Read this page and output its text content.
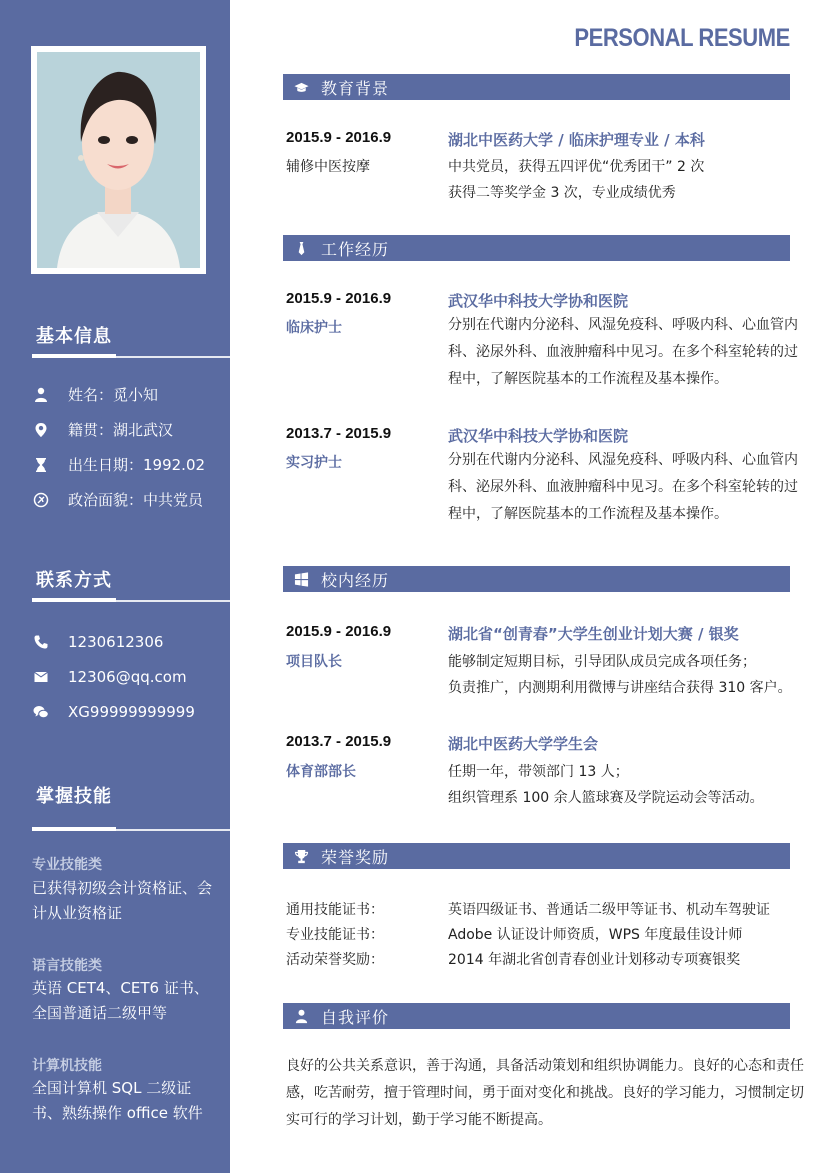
基本信息
姓名：觅小知
籍贯：湖北武汉
出生日期：1992.02
政治面貌：中共党员
联系方式
1230612306
12306@qq.com
XG99999999999
掌握技能
专业技能类
已获得初级会计资格证、会计从业资格证
语言技能类
英语 CET4、CET6 证书、全国普通话二级甲等
计算机技能
全国计算机 SQL 二级证书、熟练操作 office 软件
PERSONAL RESUME
教育背景
2015.9 - 2016.9	湖北中医药大学 / 临床护理专业 / 本科
辅修中医按摩	中共党员，获得五四评优“优秀团干” 2 次
获得二等奖学金 3 次，专业成绩优秀
工作经历
2015.9 - 2016.9	武汉华中科技大学协和医院
临床护士	分别在代谢内分泌科、风湿免疫科、呼吸内科、心血管内科、泌尿外科、血液肿瘤科中见习。在多个科室轮转的过程中，了解医院基本的工作流程及基本操作。
2013.7 - 2015.9	武汉华中科技大学协和医院
实习护士	分别在代谢内分泌科、风湿免疫科、呼吸内科、心血管内科、泌尿外科、血液肿瘤科中见习。在多个科室轮转的过程中，了解医院基本的工作流程及基本操作。
校内经历
2015.9 - 2016.9	湖北省“创青春”大学生创业计划大赛 / 银奖
项目队长	能够制定短期目标，引导团队成员完成各项任务；
负责推广，内测期利用微博与讲座结合获得 310 客户。
2013.7 - 2015.9	湖北中医药大学学生会
体育部部长	任期一年，带领部门 13 人；
组织管理系 100 余人篮球赛及学院运动会等活动。
荣誉奖励
通用技能证书：	英语四级证书、普通话二级甲等证书、机动车驾驶证
专业技能证书：	Adobe 认证设计师资质，WPS 年度最佳设计师
活动荣誉奖励：	2014 年湖北省创青春创业计划移动专项赛银奖
自我评价
良好的公共关系意识，善于沟通，具备活动策划和组织协调能力。良好的心态和责任感，吃苦耐劳，擅于管理时间，勇于面对变化和挑战。良好的学习能力，习惯制定切实可行的学习计划，勤于学习能不断提高。
